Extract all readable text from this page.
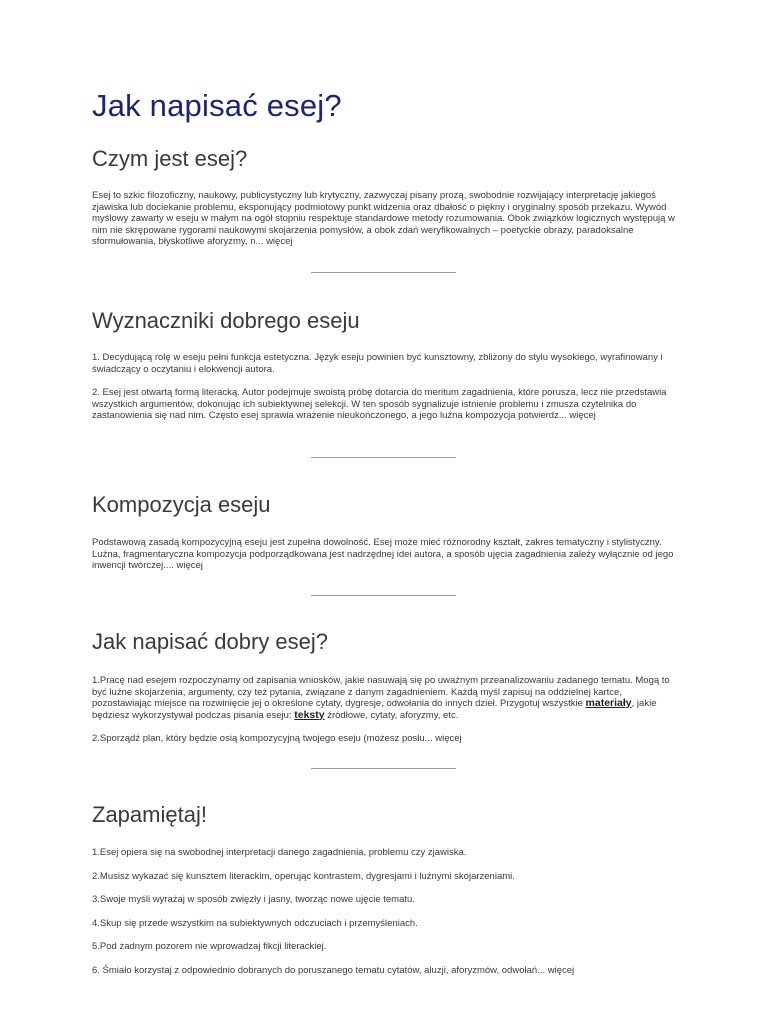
Jak napisać esej?
Czym jest esej?

Esej to szkic filozoficzny, naukowy, publicystyczny lub krytyczny, zazwyczaj pisany prozą, swobodnie rozwijający interpretację jakiegoś zjawiska lub dociekanie problemu, eksponujący podmiotowy punkt widzenia oraz dbałość o piękny i oryginalny sposób przekazu. Wywód myślowy zawarty w eseju w małym na ogół stopniu respektuje standardowe metody rozumowania. Obok związków logicznych występują w nim nie skrępowane rygorami naukowymi skojarzenia pomysłów, a obok zdań weryfikowalnych – poetyckie obrazy, paradoksalne sformułowania, błyskotliwe aforyzmy, n... więcej

Wyznaczniki dobrego eseju

1. Decydującą rolę w eseju pełni funkcja estetyczna. Język eseju powinien być kunsztowny, zbliżony do stylu wysokiego, wyrafinowany i świadczący o oczytaniu i elokwencji autora.

2. Esej jest otwartą formą literacką. Autor podejmuje swoistą próbę dotarcia do meritum zagadnienia, które porusza, lecz nie przedstawia wszystkich argumentów, dokonując ich subiektywnej selekcji. W ten sposób sygnalizuje istnienie problemu i zmusza czytelnika do zastanowienia się nad nim. Często esej sprawia wrażenie nieukończonego, a jego luźna kompozycja potwierdz... więcej

Kompozycja eseju

Podstawową zasadą kompozycyjną eseju jest zupełna dowolność. Esej może mieć różnorodny kształt, zakres tematyczny i stylistyczny. Luźna, fragmentaryczna kompozycja podporządkowana jest nadrzędnej idei autora, a sposób ujęcia zagadnienia zależy wyłącznie od jego inwencji twórczej.... więcej

Jak napisać dobry esej?

1.Pracę nad esejem rozpoczynamy od zapisania wniosków, jakie nasuwają się po uważnym przeanalizowaniu zadanego tematu. Mogą to być luźne skojarzenia, argumenty, czy też pytania, związane z danym zagadnieniem. Każdą myśl zapisuj na oddzielnej kartce, pozostawiając miejsce na rozwinięcie jej o określone cytaty, dygresje, odwołania do innych dzieł. Przygotuj wszystkie materiały, jakie będziesz wykorzystywał podczas pisania eseju: teksty źródłowe, cytaty, aforyzmy, etc.

2.Sporządź plan, który będzie osią kompozycyjną twojego eseju (możesz posłu... więcej

Zapamiętaj!

1.Esej opiera się na swobodnej interpretacji danego zagadnienia, problemu czy zjawiska.

2.Musisz wykazać się kunsztem literackim, operując kontrastem, dygresjami i luźnymi skojarzeniami.

3.Swoje myśli wyrażaj w sposób zwięzły i jasny, tworząc nowe ujęcie tematu.

4.Skup się przede wszystkim na subiektywnych odczuciach i przemyśleniach.

5.Pod żadnym pozorem nie wprowadzaj fikcji literackiej.

6. Śmiało korzystaj z odpowiednio dobranych do poruszanego tematu cytatów, aluzji, aforyzmów, odwołań... więcej
